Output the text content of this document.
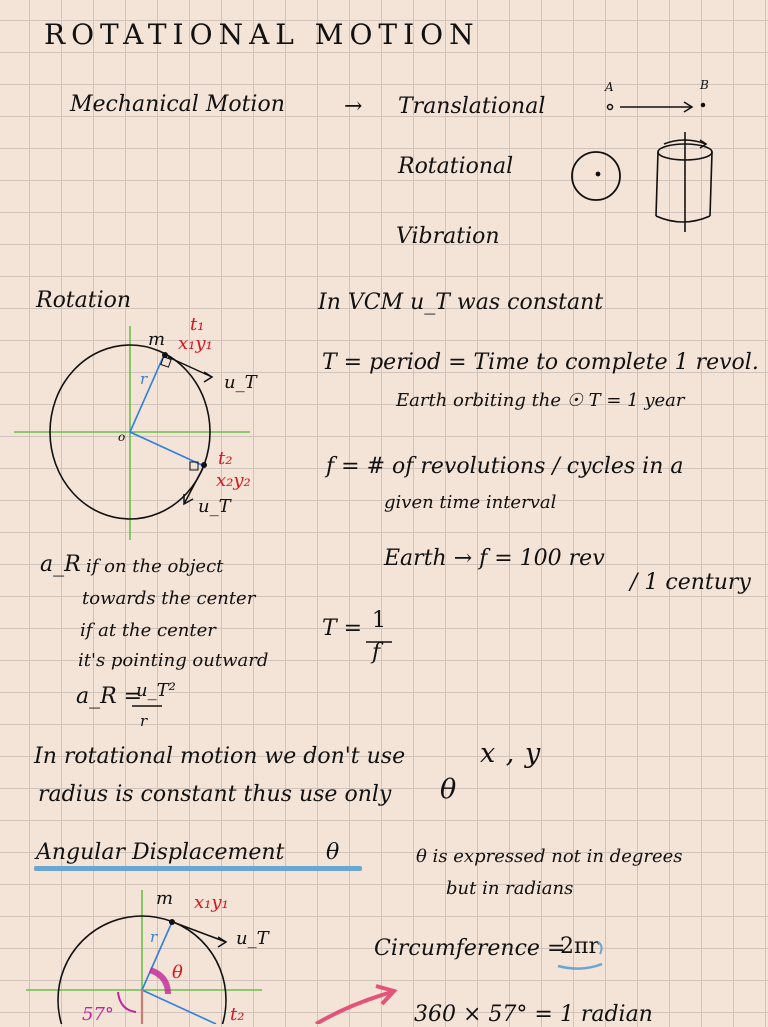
ROTATIONAL MOTION
Mechanical Motion	→ Translational
Rotational
Vibration
A	B
Rotation
m
t₁
x₁y₁
u_T
r
o
t₂
x₂y₂
u_T
In VCM u_T was constant
T = period = Time to complete 1 revol.
Earth orbiting the ☉ T = 1 year
f = # of revolutions / cycles in a
given time interval
Earth → f = 100 rev
/ 1 century
T = 1
f
a_R if on the object
towards the center
if at the center
it's pointing outward
a_R =
u_T²
r
In rotational motion we don't use	x , y
radius is constant thus use only θ
Angular Displacement θ	θ is expressed not in degrees
but in radians
Circumference =
2πr
360 × 57° = 1 radian
m x₁y₁
u_T
r
θ
57°	t₂
